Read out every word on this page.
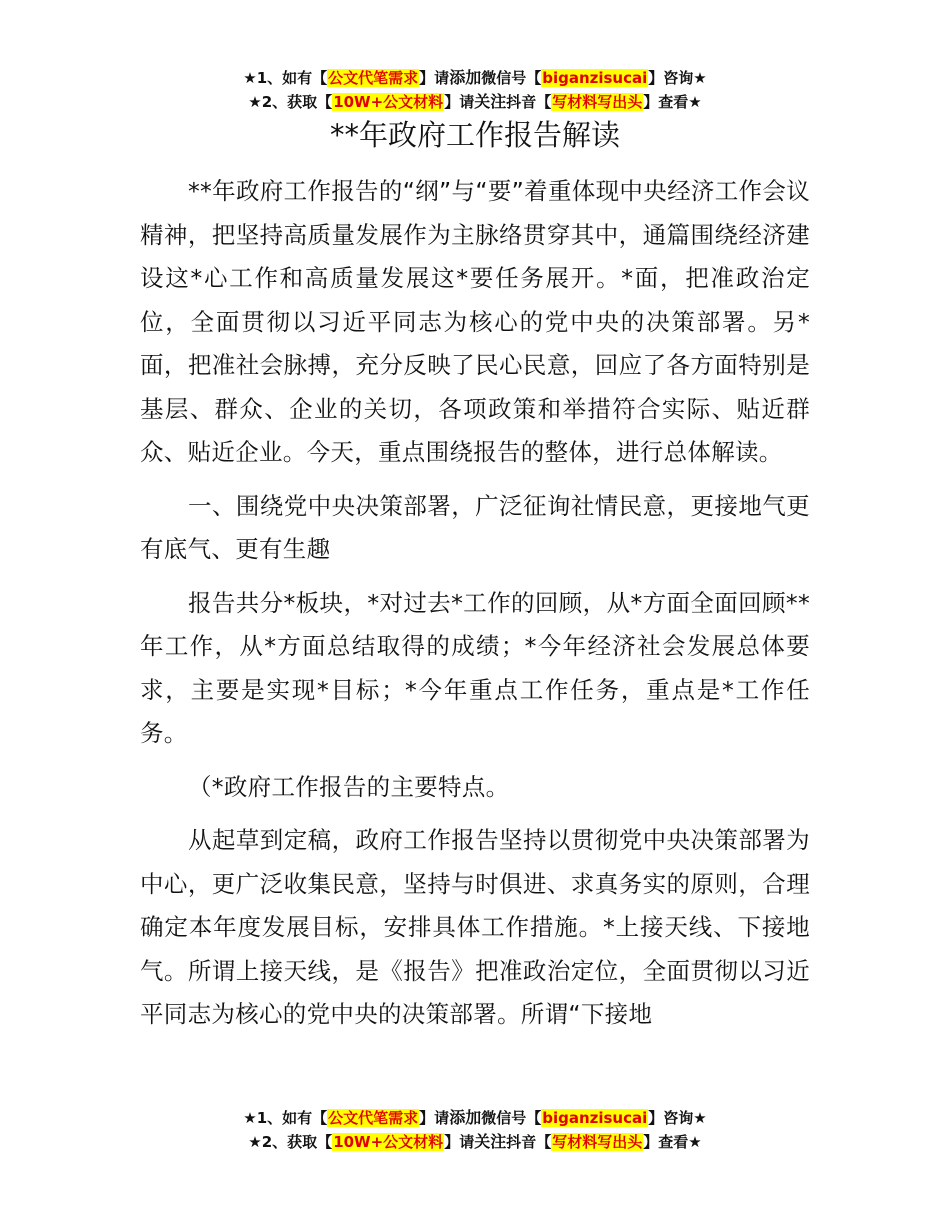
★1、如有【公文代笔需求】请添加微信号【biganzisucai】咨询★
★2、获取【10W+公文材料】请关注抖音【写材料写出头】查看★
**年政府工作报告解读

**年政府工作报告的“纲”与“要”着重体现中央经济工作会议精神，把坚持高质量发展作为主脉络贯穿其中，通篇围绕经济建设这*心工作和高质量发展这*要任务展开。*面，把准政治定位，全面贯彻以习近平同志为核心的党中央的决策部署。另*面，把准社会脉搏，充分反映了民心民意，回应了各方面特别是基层、群众、企业的关切，各项政策和举措符合实际、贴近群众、贴近企业。今天，重点围绕报告的整体，进行总体解读。

一、围绕党中央决策部署，广泛征询社情民意，更接地气更有底气、更有生趣

报告共分*板块，*对过去*工作的回顾，从*方面全面回顾**年工作，从*方面总结取得的成绩；*今年经济社会发展总体要求，主要是实现*目标；*今年重点工作任务，重点是*工作任务。

（*政府工作报告的主要特点。

从起草到定稿，政府工作报告坚持以贯彻党中央决策部署为中心，更广泛收集民意，坚持与时俱进、求真务实的原则，合理确定本年度发展目标，安排具体工作措施。*上接天线、下接地气。所谓上接天线，是《报告》把准政治定位，全面贯彻以习近平同志为核心的党中央的决策部署。所谓“下接地

★1、如有【公文代笔需求】请添加微信号【biganzisucai】咨询★
★2、获取【10W+公文材料】请关注抖音【写材料写出头】查看★
